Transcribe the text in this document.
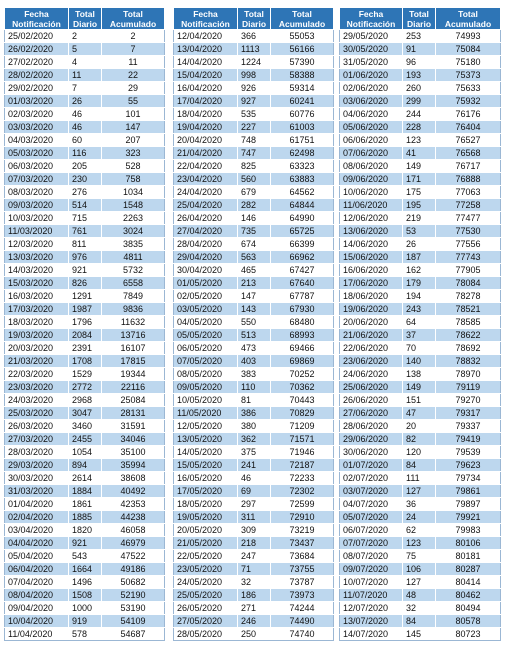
Fecha Notificación	Total Diario	Total Acumulado
25/02/2020	2	2
26/02/2020	5	7
27/02/2020	4	11
28/02/2020	11	22
29/02/2020	7	29
01/03/2020	26	55
02/03/2020	46	101
03/03/2020	46	147
04/03/2020	60	207
05/03/2020	116	323
06/03/2020	205	528
07/03/2020	230	758
08/03/2020	276	1034
09/03/2020	514	1548
10/03/2020	715	2263
11/03/2020	761	3024
12/03/2020	811	3835
13/03/2020	976	4811
14/03/2020	921	5732
15/03/2020	826	6558
16/03/2020	1291	7849
17/03/2020	1987	9836
18/03/2020	1796	11632
19/03/2020	2084	13716
20/03/2020	2391	16107
21/03/2020	1708	17815
22/03/2020	1529	19344
23/03/2020	2772	22116
24/03/2020	2968	25084
25/03/2020	3047	28131
26/03/2020	3460	31591
27/03/2020	2455	34046
28/03/2020	1054	35100
29/03/2020	894	35994
30/03/2020	2614	38608
31/03/2020	1884	40492
01/04/2020	1861	42353
02/04/2020	1885	44238
03/04/2020	1820	46058
04/04/2020	921	46979
05/04/2020	543	47522
06/04/2020	1664	49186
07/04/2020	1496	50682
08/04/2020	1508	52190
09/04/2020	1000	53190
10/04/2020	919	54109
11/04/2020	578	54687
Fecha Notificación	Total Diario	Total Acumulado
12/04/2020	366	55053
13/04/2020	1113	56166
14/04/2020	1224	57390
15/04/2020	998	58388
16/04/2020	926	59314
17/04/2020	927	60241
18/04/2020	535	60776
19/04/2020	227	61003
20/04/2020	748	61751
21/04/2020	747	62498
22/04/2020	825	63323
23/04/2020	560	63883
24/04/2020	679	64562
25/04/2020	282	64844
26/04/2020	146	64990
27/04/2020	735	65725
28/04/2020	674	66399
29/04/2020	563	66962
30/04/2020	465	67427
01/05/2020	213	67640
02/05/2020	147	67787
03/05/2020	143	67930
04/05/2020	550	68480
05/05/2020	513	68993
06/05/2020	473	69466
07/05/2020	403	69869
08/05/2020	383	70252
09/05/2020	110	70362
10/05/2020	81	70443
11/05/2020	386	70829
12/05/2020	380	71209
13/05/2020	362	71571
14/05/2020	375	71946
15/05/2020	241	72187
16/05/2020	46	72233
17/05/2020	69	72302
18/05/2020	297	72599
19/05/2020	311	72910
20/05/2020	309	73219
21/05/2020	218	73437
22/05/2020	247	73684
23/05/2020	71	73755
24/05/2020	32	73787
25/05/2020	186	73973
26/05/2020	271	74244
27/05/2020	246	74490
28/05/2020	250	74740
Fecha Notificación	Total Diario	Total Acumulado
29/05/2020	253	74993
30/05/2020	91	75084
31/05/2020	96	75180
01/06/2020	193	75373
02/06/2020	260	75633
03/06/2020	299	75932
04/06/2020	244	76176
05/06/2020	228	76404
06/06/2020	123	76527
07/06/2020	41	76568
08/06/2020	149	76717
09/06/2020	171	76888
10/06/2020	175	77063
11/06/2020	195	77258
12/06/2020	219	77477
13/06/2020	53	77530
14/06/2020	26	77556
15/06/2020	187	77743
16/06/2020	162	77905
17/06/2020	179	78084
18/06/2020	194	78278
19/06/2020	243	78521
20/06/2020	64	78585
21/06/2020	37	78622
22/06/2020	70	78692
23/06/2020	140	78832
24/06/2020	138	78970
25/06/2020	149	79119
26/06/2020	151	79270
27/06/2020	47	79317
28/06/2020	20	79337
29/06/2020	82	79419
30/06/2020	120	79539
01/07/2020	84	79623
02/07/2020	111	79734
03/07/2020	127	79861
04/07/2020	36	79897
05/07/2020	24	79921
06/07/2020	62	79983
07/07/2020	123	80106
08/07/2020	75	80181
09/07/2020	106	80287
10/07/2020	127	80414
11/07/2020	48	80462
12/07/2020	32	80494
13/07/2020	84	80578
14/07/2020	145	80723
